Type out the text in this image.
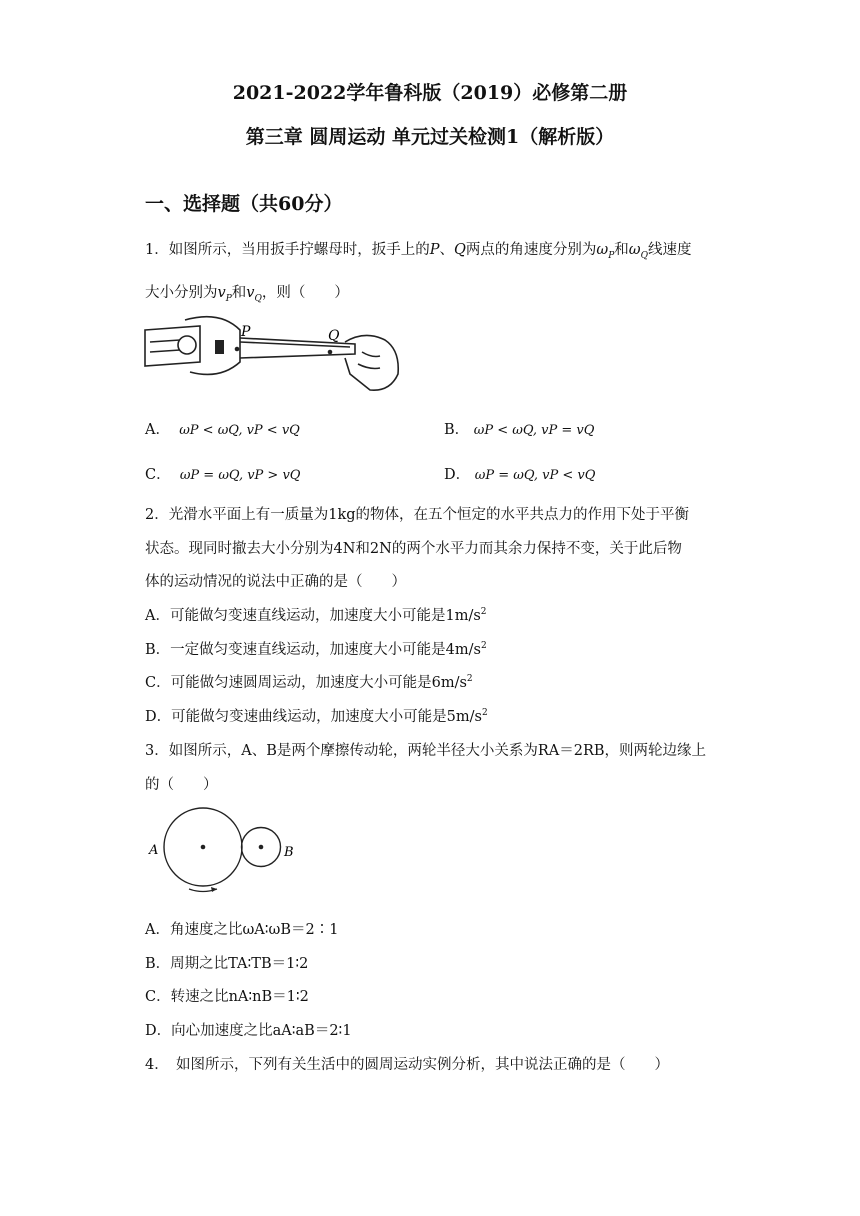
2021-2022学年鲁科版（2019）必修第二册
第三章 圆周运动 单元过关检测1（解析版）
一、选择题（共60分）
1．如图所示，当用扳手拧螺母时，扳手上的P、Q两点的角速度分别为$\omega_P$和$\omega_Q$线速度
大小分别为$v_P$和$v_Q$，则（　　）
P	Q
A． ωP < ωQ, vP < vQ	B． ωP < ωQ, vP = vQ
C． ωP = ωQ, vP > vQ	D． ωP = ωQ, vP < vQ
2．光滑水平面上有一质量为1kg的物体，在五个恒定的水平共点力的作用下处于平衡
状态。现同时撤去大小分别为4N和2N的两个水平力而其余力保持不变，关于此后物
体的运动情况的说法中正确的是（　　）
A．可能做匀变速直线运动，加速度大小可能是$1m/s^2$
B．一定做匀变速直线运动，加速度大小可能是$4m/s^2$
C．可能做匀速圆周运动，加速度大小可能是$6m/s^2$
D．可能做匀变速曲线运动，加速度大小可能是$5m/s^2$
3．如图所示，A、B是两个摩擦传动轮，两轮半径大小关系为RA＝2RB，则两轮边缘上
的（　　）
A	B
A．角速度之比ωA∶ωB＝2∶1
B．周期之比TA∶TB＝1∶2
C．转速之比nA∶nB＝1∶2
D．向心加速度之比aA∶aB＝2∶1
4．　如图所示，下列有关生活中的圆周运动实例分析，其中说法正确的是（　　）
